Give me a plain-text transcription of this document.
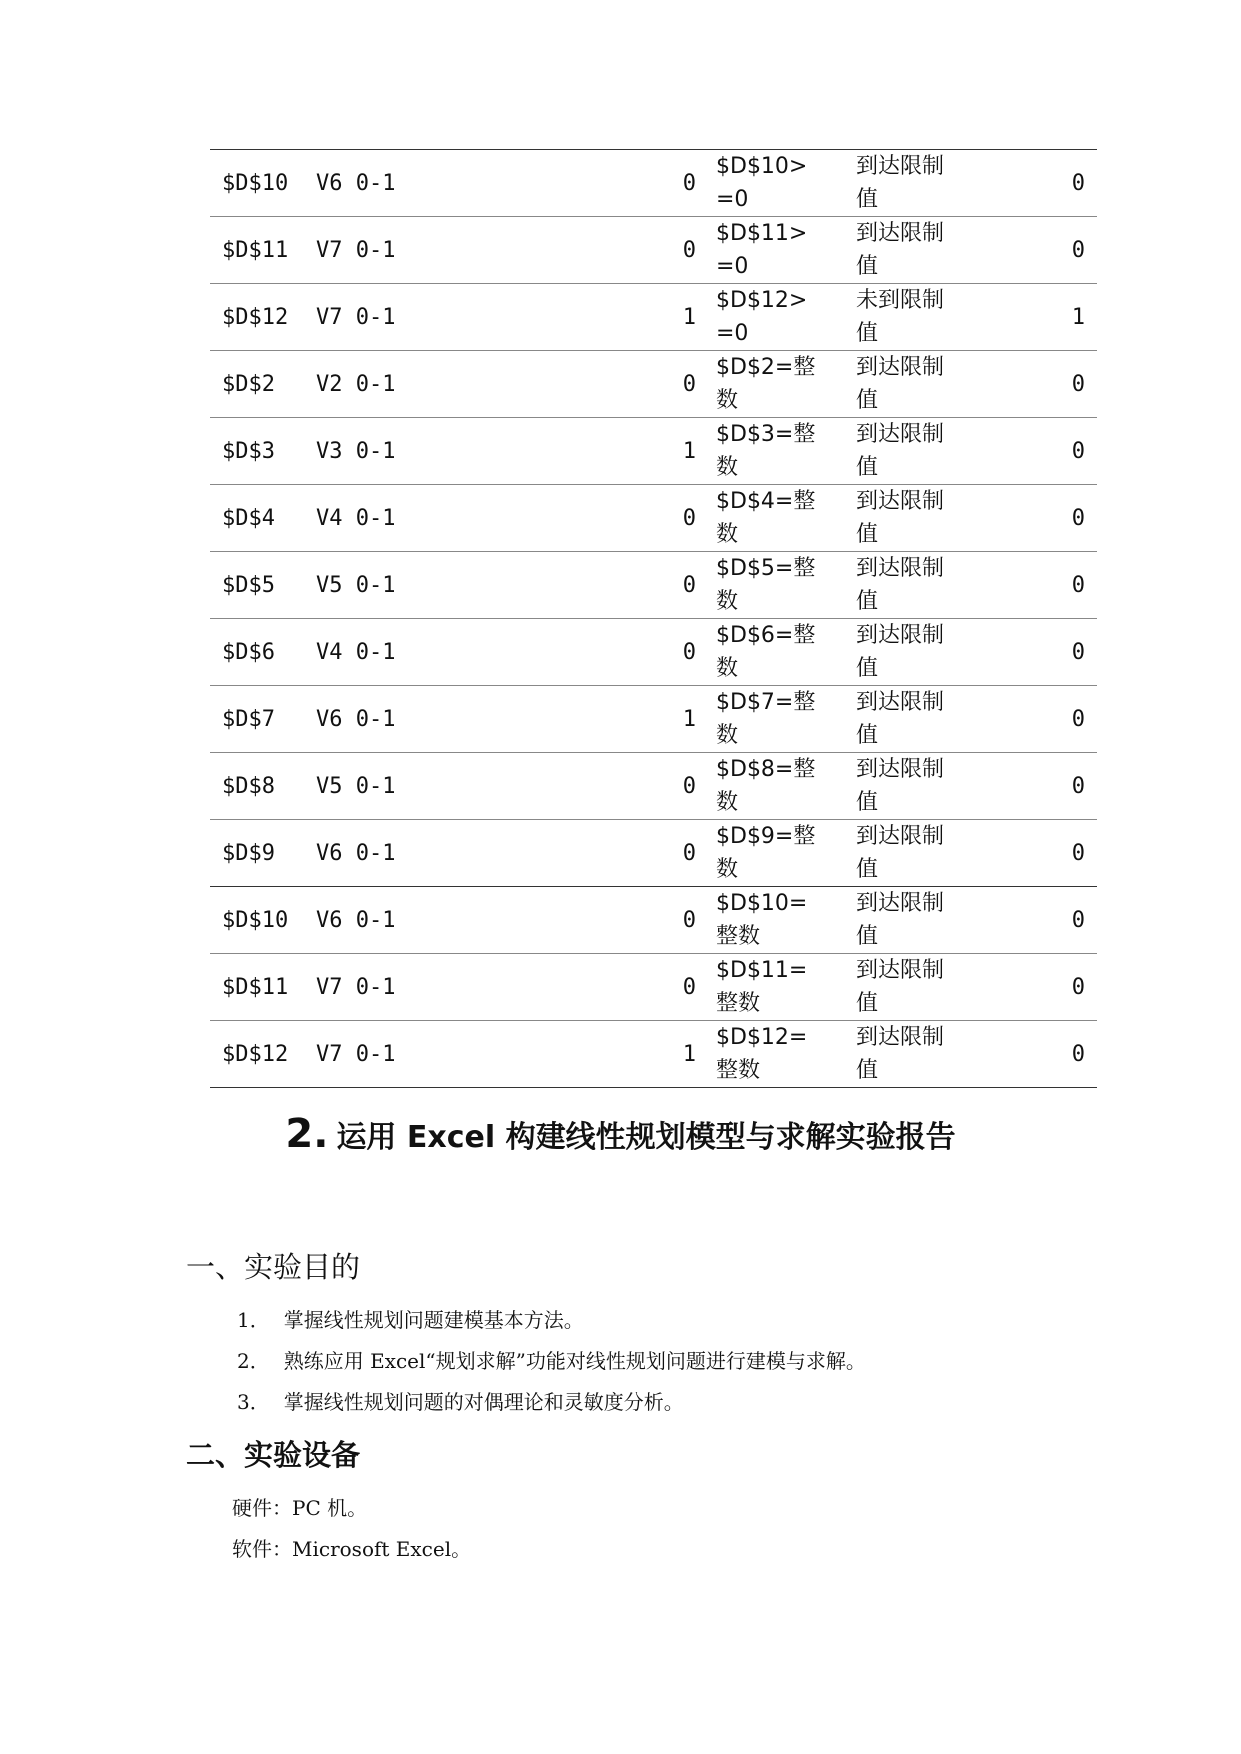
$D$10	V6 0-1	0	$D$10>=0	到达限制值	0
$D$11	V7 0-1	0	$D$11>=0	到达限制值	0
$D$12	V7 0-1	1	$D$12>=0	未到限制值	1
$D$2	V2 0-1	0	$D$2=整数	到达限制值	0
$D$3	V3 0-1	1	$D$3=整数	到达限制值	0
$D$4	V4 0-1	0	$D$4=整数	到达限制值	0
$D$5	V5 0-1	0	$D$5=整数	到达限制值	0
$D$6	V4 0-1	0	$D$6=整数	到达限制值	0
$D$7	V6 0-1	1	$D$7=整数	到达限制值	0
$D$8	V5 0-1	0	$D$8=整数	到达限制值	0
$D$9	V6 0-1	0	$D$9=整数	到达限制值	0
$D$10	V6 0-1	0	$D$10=整数	到达限制值	0
$D$11	V7 0-1	0	$D$11=整数	到达限制值	0
$D$12	V7 0-1	1	$D$12=整数	到达限制值	0
2. 运用 Excel 构建线性规划模型与求解实验报告
一、实验目的
1． 掌握线性规划问题建模基本方法。
2． 熟练应用 Excel“规划求解”功能对线性规划问题进行建模与求解。
3． 掌握线性规划问题的对偶理论和灵敏度分析。
二、实验设备
硬件：PC 机。
软件：Microsoft Excel。
